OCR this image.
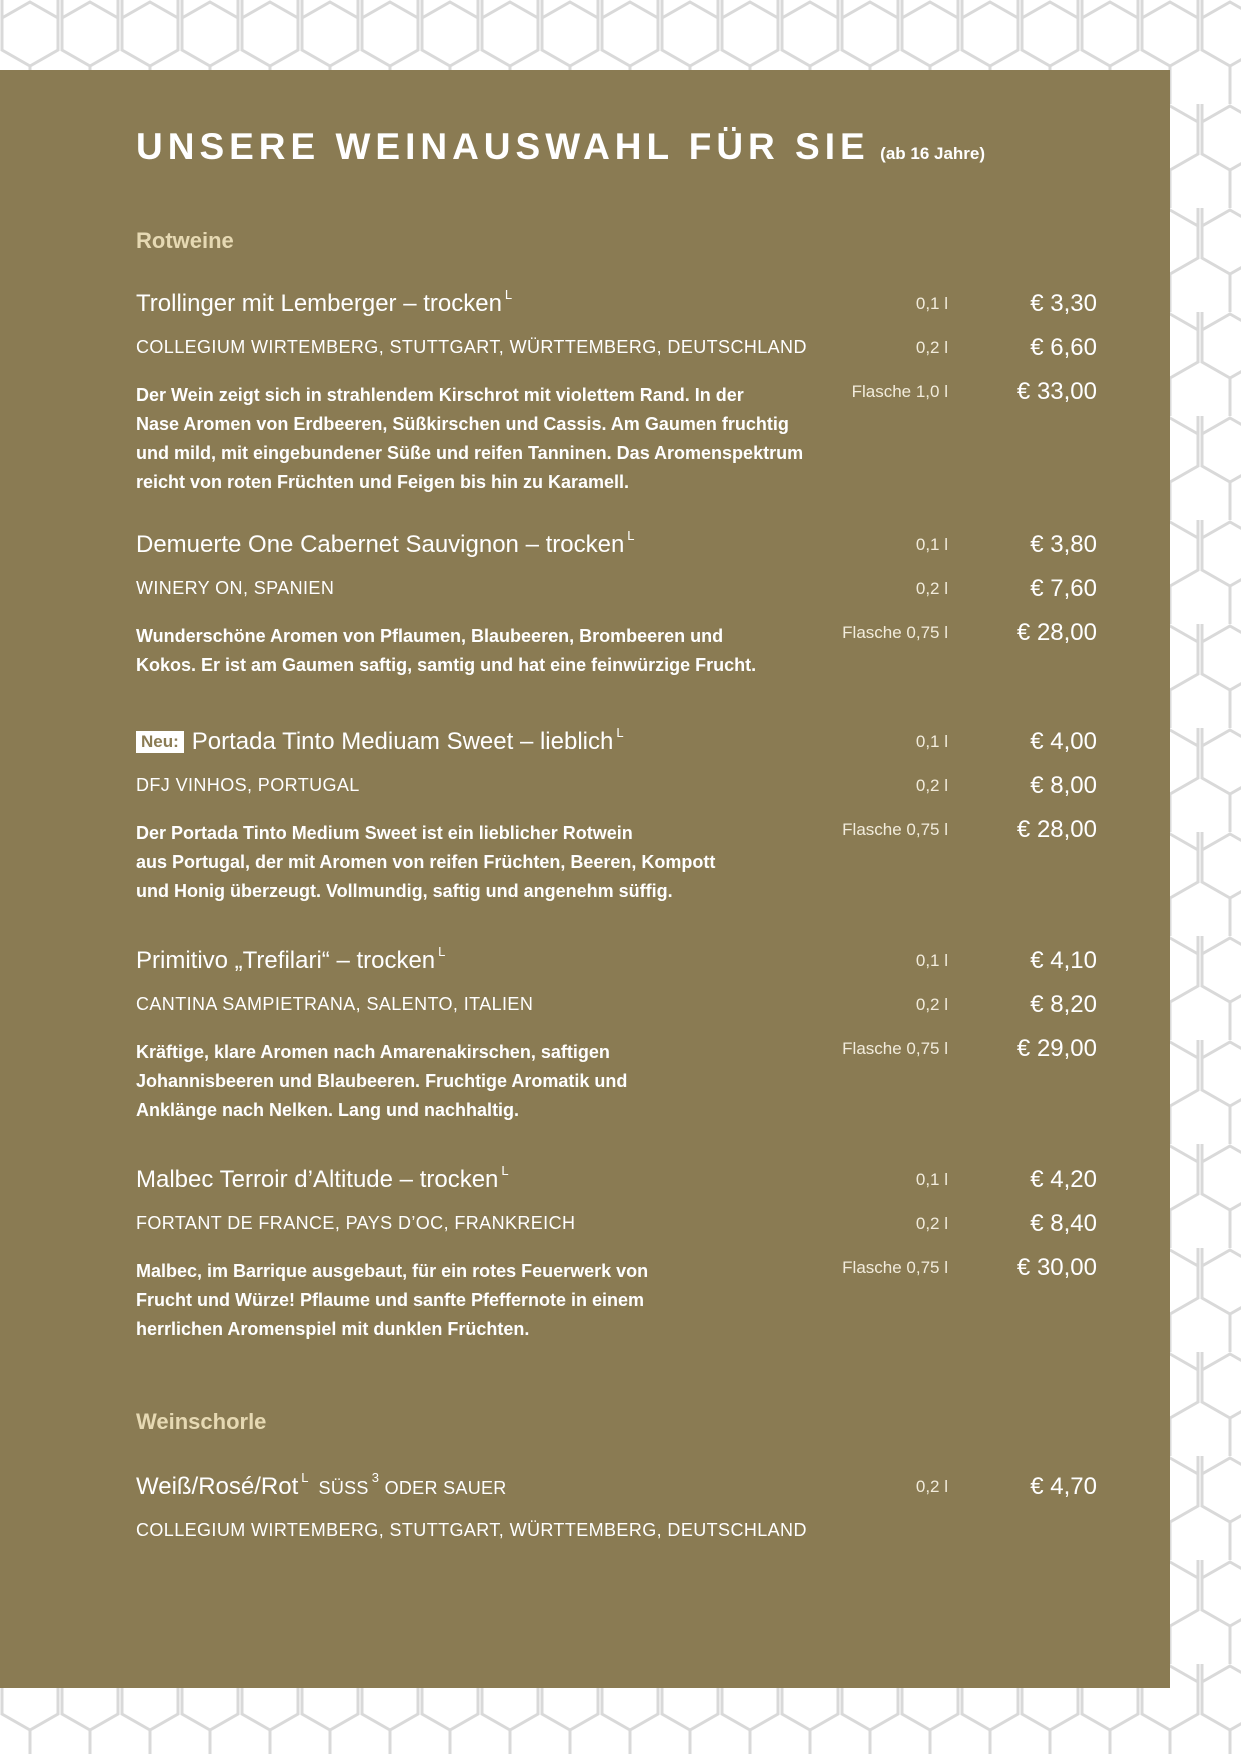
UNSERE WEINAUSWAHL FÜR SIE (ab 16 Jahre)
Rotweine
Trollinger mit Lemberger – trocken $^L$	0,1 l	€ 3,30
COLLEGIUM WIRTEMBERG, STUTTGART, WÜRTTEMBERG, DEUTSCHLAND	0,2 l	€ 6,60
Flasche 1,0 l	€ 33,00
Der Wein zeigt sich in strahlendem Kirschrot mit violettem Rand. In der
Nase Aromen von Erdbeeren, Süßkirschen und Cassis. Am Gaumen fruchtig
und mild, mit eingebundener Süße und reifen Tanninen. Das Aromenspektrum
reicht von roten Früchten und Feigen bis hin zu Karamell.
Demuerte One Cabernet Sauvignon – trocken $^L$	0,1 l	€ 3,80
WINERY ON, SPANIEN	0,2 l	€ 7,60
Flasche 0,75 l	€ 28,00
Wunderschöne Aromen von Pflaumen, Blaubeeren, Brombeeren und
Kokos. Er ist am Gaumen saftig, samtig und hat eine feinwürzige Frucht.
Neu: Portada Tinto Mediuam Sweet – lieblich $^L$	0,1 l	€ 4,00
DFJ VINHOS, PORTUGAL	0,2 l	€ 8,00
Flasche 0,75 l	€ 28,00
Der Portada Tinto Medium Sweet ist ein lieblicher Rotwein
aus Portugal, der mit Aromen von reifen Früchten, Beeren, Kompott
und Honig überzeugt. Vollmundig, saftig und angenehm süffig.
Primitivo „Trefilari“ – trocken $^L$	0,1 l	€ 4,10
CANTINA SAMPIETRANA, SALENTO, ITALIEN	0,2 l	€ 8,20
Flasche 0,75 l	€ 29,00
Kräftige, klare Aromen nach Amarenakirschen, saftigen
Johannisbeeren und Blaubeeren. Fruchtige Aromatik und
Anklänge nach Nelken. Lang und nachhaltig.
Malbec Terroir d’Altitude – trocken $^L$	0,1 l	€ 4,20
FORTANT DE FRANCE, PAYS D’OC, FRANKREICH	0,2 l	€ 8,40
Flasche 0,75 l	€ 30,00
Malbec, im Barrique ausgebaut, für ein rotes Feuerwerk von
Frucht und Würze! Pflaume und sanfte Pfeffernote in einem
herrlichen Aromenspiel mit dunklen Früchten.
Weinschorle
Weiß/Rosé/Rot $^L$SÜSS$^3$ ODER SAUER	0,2 l	€ 4,70
COLLEGIUM WIRTEMBERG, STUTTGART, WÜRTTEMBERG, DEUTSCHLAND
